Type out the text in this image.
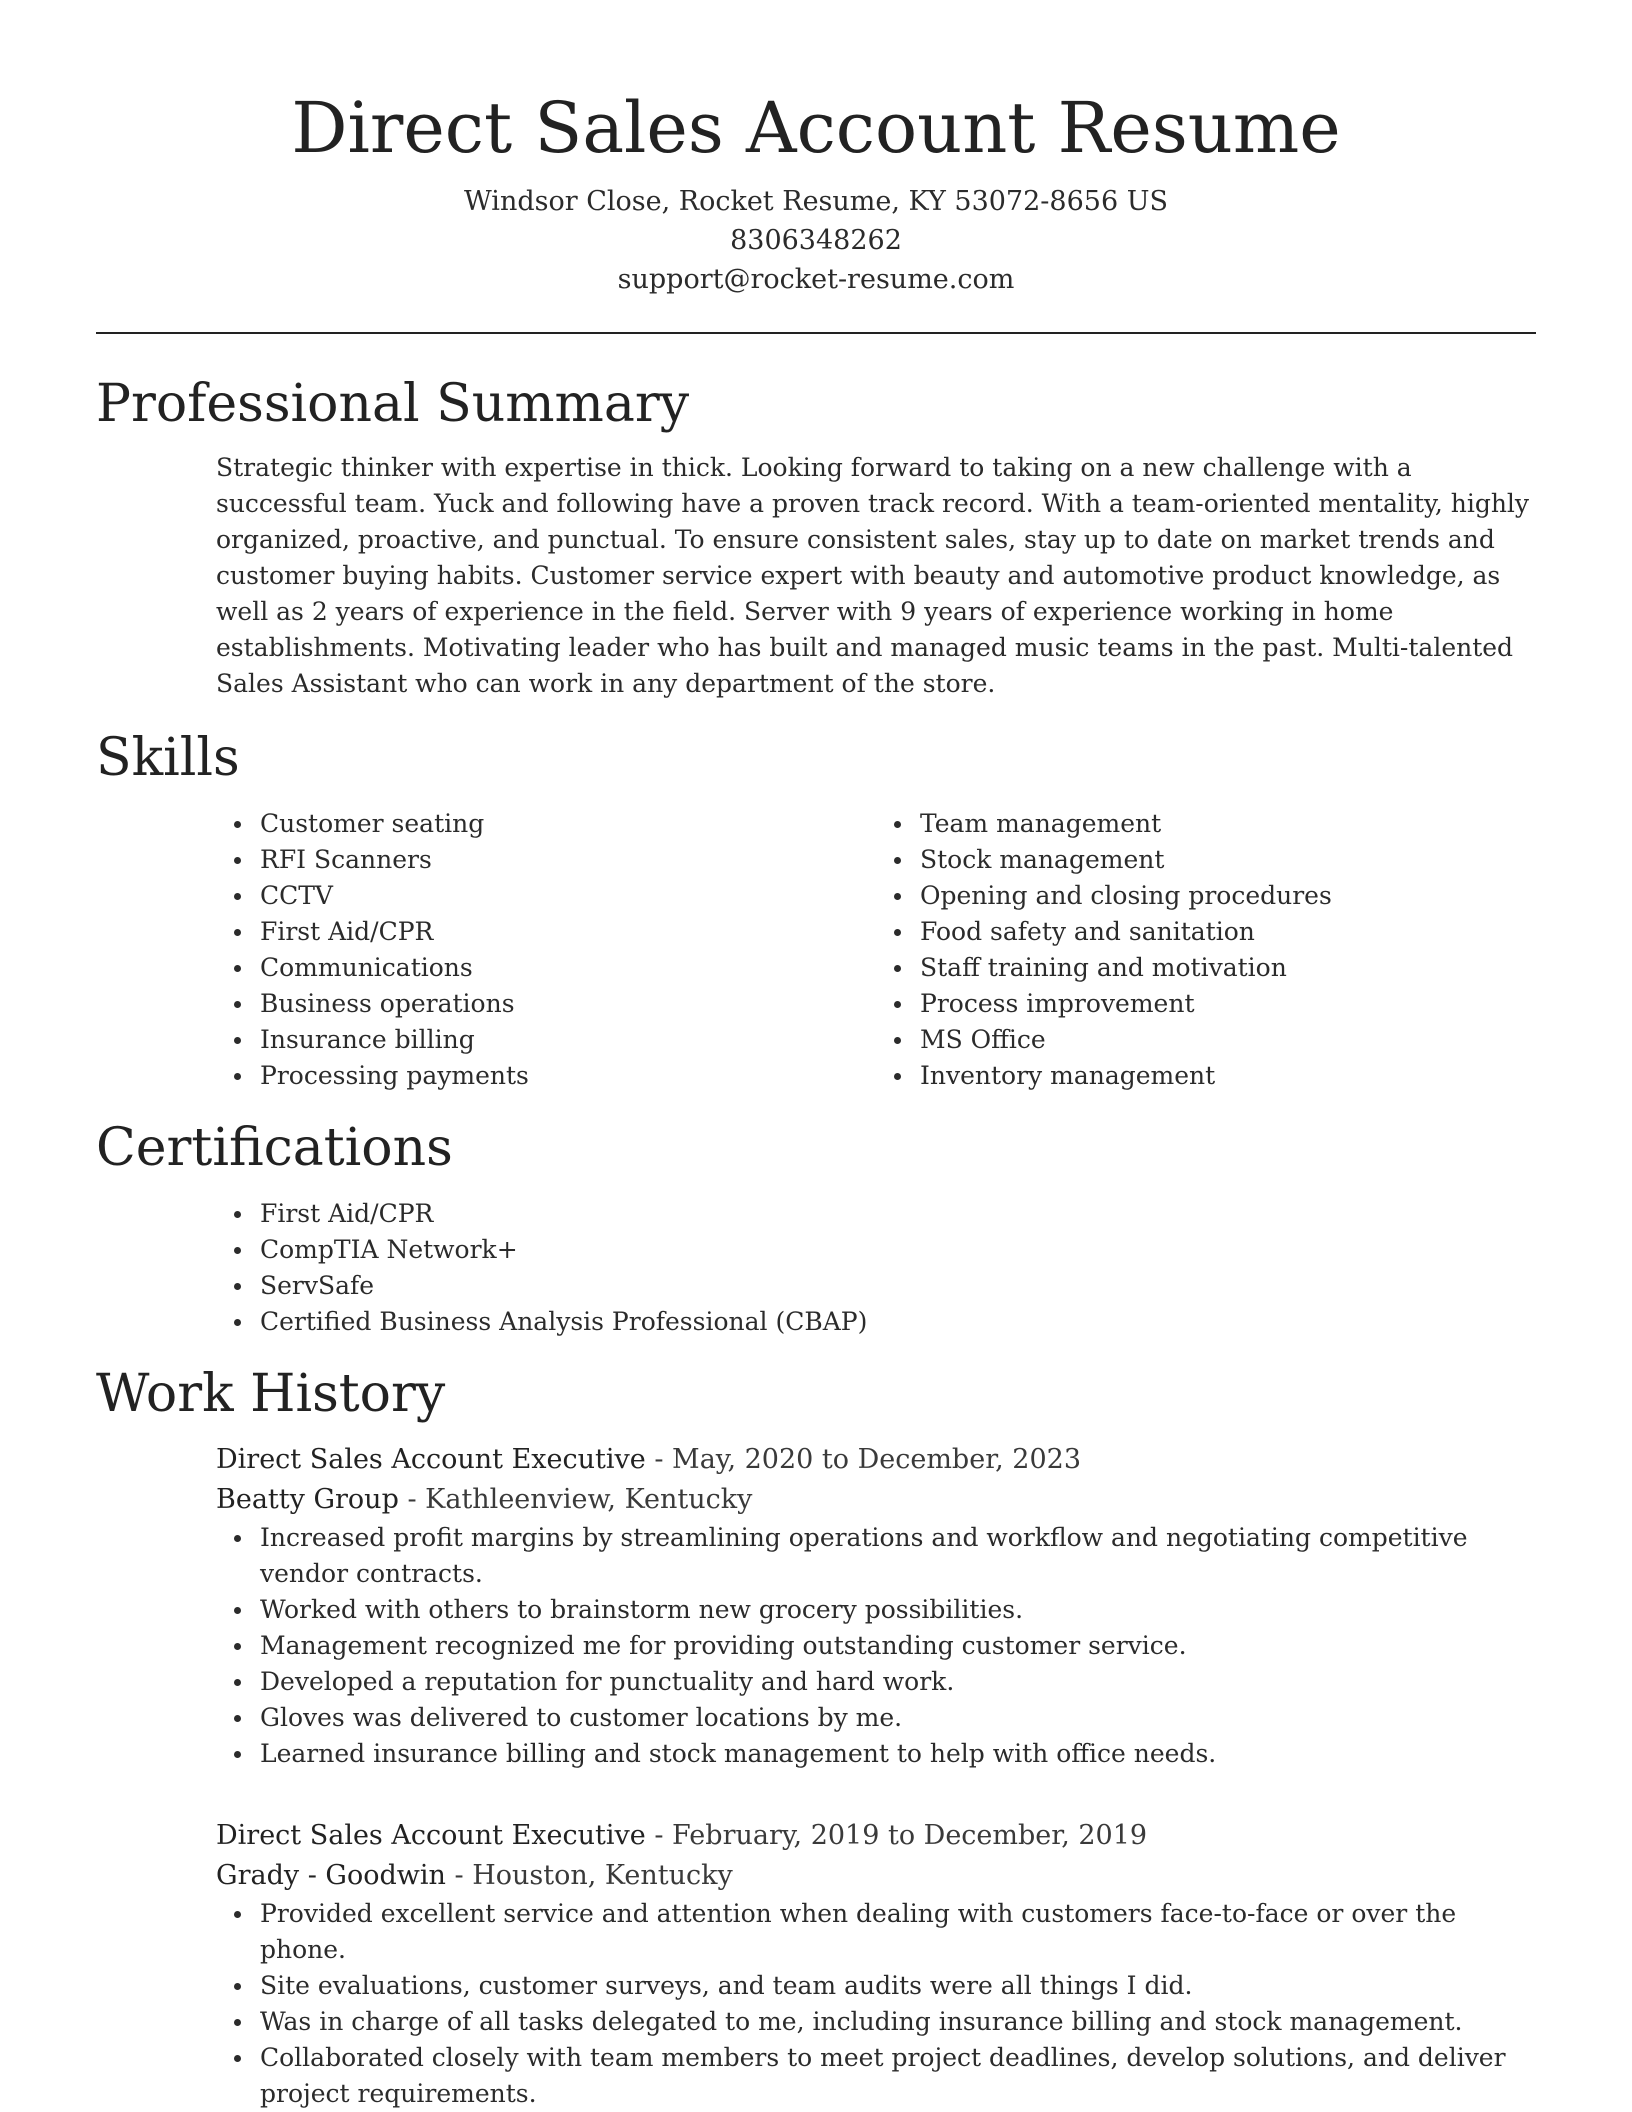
Direct Sales Account Resume
Windsor Close, Rocket Resume, KY 53072-8656 US
8306348262
support@rocket-resume.com
Professional Summary
Strategic thinker with expertise in thick. Looking forward to taking on a new challenge with a successful team. Yuck and following have a proven track record. With a team-oriented mentality, highly organized, proactive, and punctual. To ensure consistent sales, stay up to date on market trends and customer buying habits. Customer service expert with beauty and automotive product knowledge, as well as 2 years of experience in the field. Server with 9 years of experience working in home establishments. Motivating leader who has built and managed music teams in the past. Multi-talented Sales Assistant who can work in any department of the store.
Skills
Customer seating
RFI Scanners
CCTV
First Aid/CPR
Communications
Business operations
Insurance billing
Processing payments
Team management
Stock management
Opening and closing procedures
Food safety and sanitation
Staff training and motivation
Process improvement
MS Office
Inventory management
Certifications
First Aid/CPR
CompTIA Network+
ServSafe
Certified Business Analysis Professional (CBAP)
Work History
Direct Sales Account Executive - May, 2020 to December, 2023
Beatty Group - Kathleenview, Kentucky
Increased profit margins by streamlining operations and workflow and negotiating competitive vendor contracts.
Worked with others to brainstorm new grocery possibilities.
Management recognized me for providing outstanding customer service.
Developed a reputation for punctuality and hard work.
Gloves was delivered to customer locations by me.
Learned insurance billing and stock management to help with office needs.
Direct Sales Account Executive - February, 2019 to December, 2019
Grady - Goodwin - Houston, Kentucky
Provided excellent service and attention when dealing with customers face-to-face or over the phone.
Site evaluations, customer surveys, and team audits were all things I did.
Was in charge of all tasks delegated to me, including insurance billing and stock management.
Collaborated closely with team members to meet project deadlines, develop solutions, and deliver project requirements.
